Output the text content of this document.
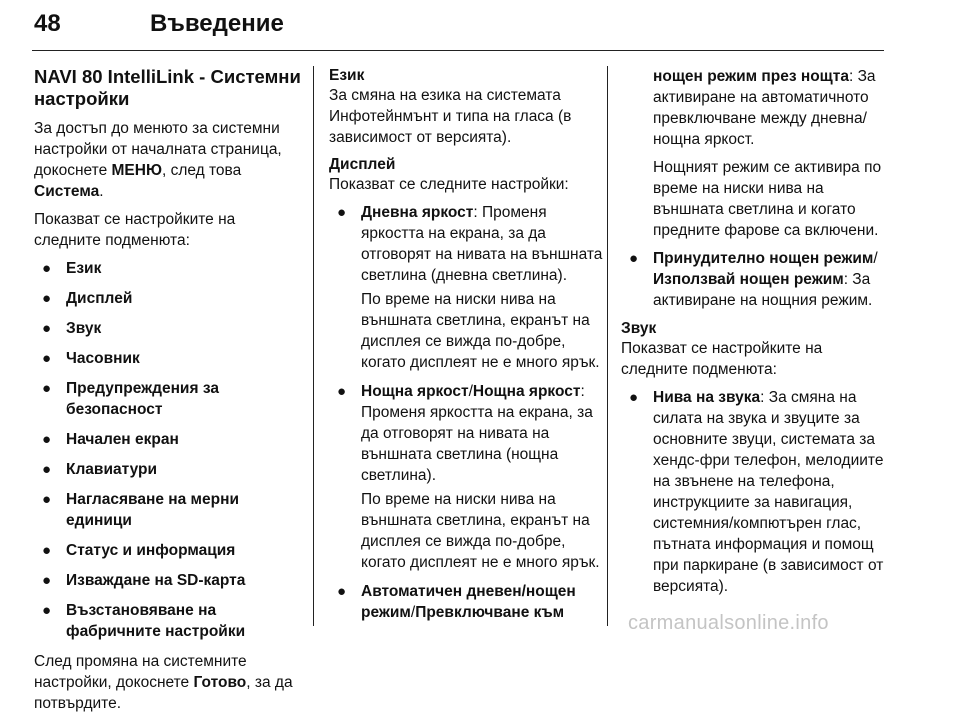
48	Въведение
NAVI 80 IntelliLink - Системни настройки

За достъп до менюто за системни настройки от началната страница, докоснете МЕНЮ, след това Система.

Показват се настройките на следните подменюта:

● Език
● Дисплей
● Звук
● Часовник
● Предупреждения за безопасност
● Начален екран
● Клавиатури
● Нагласяване на мерни единици
● Статус и информация
● Изваждане на SD-карта
● Възстановяване на фабричните настройки

След промяна на системните настройки, докоснете Готово, за да потвърдите.

Език

За смяна на езика на системата Инфотейнмънт и типа на гласа (в зависимост от версията).

Дисплей

Показват се следните настройки:

● Дневна яркост: Променя яркостта на екрана, за да отговорят на нивата на външната светлина (дневна светлина).

По време на ниски нива на външната светлина, екранът на дисплея се вижда по-добре, когато дисплеят не е много ярък.

● Нощна яркост/Нощна яркост: Променя яркостта на екрана, за да отговорят на нивата на външната светлина (нощна светлина).

По време на ниски нива на външната светлина, екранът на дисплея се вижда по-добре, когато дисплеят не е много ярък.

● Автоматичен дневен/нощен режим/Превключване към

нощен режим през нощта: За активиране на автоматичното превключване между дневна/нощна яркост.

Нощният режим се активира по време на ниски нива на външната светлина и когато предните фарове са включени.

● Принудително нощен режим/Използвай нощен режим: За активиране на нощния режим.
Звук

Показват се настройките на следните подменюта:

● Нива на звука: За смяна на силата на звука и звуците за основните звуци, системата за хендс-фри телефон, мелодиите на звънене на телефона, инструкциите за навигация, системния/компютърен глас, пътната информация и помощ при паркиране (в зависимост от версията).
carmanualsonline.info
